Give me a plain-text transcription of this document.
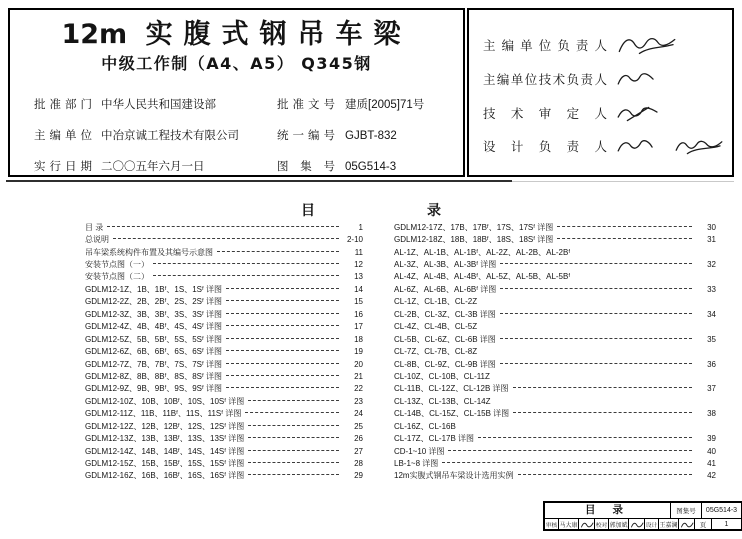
12m 实腹式钢吊车梁
中级工作制（A4、A5） Q345钢
批准部门 中华人民共和国建设部	批准文号 建质[2005]71号
主编单位 中冶京诚工程技术有限公司	统一编号 GJBT-832
实行日期 二〇〇五年六月一日	图集号 05G514-3
主编单位负责人
主编单位技术负责人
技术审定人
设计负责人
目	录
目 录	1
总说明	2-10
吊车梁系统构件布置及其编号示意图	11
安装节点图（一）	12
安装节点图（二）	13
GDLM12-1Z、1B、1Bᶠ、1S、1Sᶠ 详图	14
GDLM12-2Z、2B、2Bᶠ、2S、2Sᶠ 详图	15
GDLM12-3Z、3B、3Bᶠ、3S、3Sᶠ 详图	16
GDLM12-4Z、4B、4Bᶠ、4S、4Sᶠ 详图	17
GDLM12-5Z、5B、5Bᶠ、5S、5Sᶠ 详图	18
GDLM12-6Z、6B、6Bᶠ、6S、6Sᶠ 详图	19
GDLM12-7Z、7B、7Bᶠ、7S、7Sᶠ 详图	20
GDLM12-8Z、8B、8Bᶠ、8S、8Sᶠ 详图	21
GDLM12-9Z、9B、9Bᶠ、9S、9Sᶠ 详图	22
GDLM12-10Z、10B、10Bᶠ、10S、10Sᶠ 详图	23
GDLM12-11Z、11B、11Bᶠ、11S、11Sᶠ 详图	24
GDLM12-12Z、12B、12Bᶠ、12S、12Sᶠ 详图	25
GDLM12-13Z、13B、13Bᶠ、13S、13Sᶠ 详图	26
GDLM12-14Z、14B、14Bᶠ、14S、14Sᶠ 详图	27
GDLM12-15Z、15B、15Bᶠ、15S、15Sᶠ 详图	28
GDLM12-16Z、16B、16Bᶠ、16S、16Sᶠ 详图	29
GDLM12-17Z、17B、17Bᶠ、17S、17Sᶠ 详图	30
GDLM12-18Z、18B、18Bᶠ、18S、18Sᶠ 详图	31
AL-1Z、AL-1B、AL-1Bᶠ、AL-2Z、AL-2B、AL-2Bᶠ
AL-3Z、AL-3B、AL-3Bᶠ 详图	32
AL-4Z、AL-4B、AL-4Bᶠ、AL-5Z、AL-5B、AL-5Bᶠ
AL-6Z、AL-6B、AL-6Bᶠ 详图	33
CL-1Z、CL-1B、CL-2Z
CL-2B、CL-3Z、CL-3B 详图	34
CL-4Z、CL-4B、CL-5Z
CL-5B、CL-6Z、CL-6B 详图	35
CL-7Z、CL-7B、CL-8Z
CL-8B、CL-9Z、CL-9B 详图	36
CL-10Z、CL-10B、CL-11Z
CL-11B、CL-12Z、CL-12B 详图	37
CL-13Z、CL-13B、CL-14Z
CL-14B、CL-15Z、CL-15B 详图	38
CL-16Z、CL-16B
CL-17Z、CL-17B 详图	39
CD-1~10 详图	40
LB-1~8 详图	41
12m实腹式钢吊车梁设计选用实例	42
目 录	图集号	05G514-3
审核 马大康	校对 郭加斌	设计 王嘉澜	页	1
